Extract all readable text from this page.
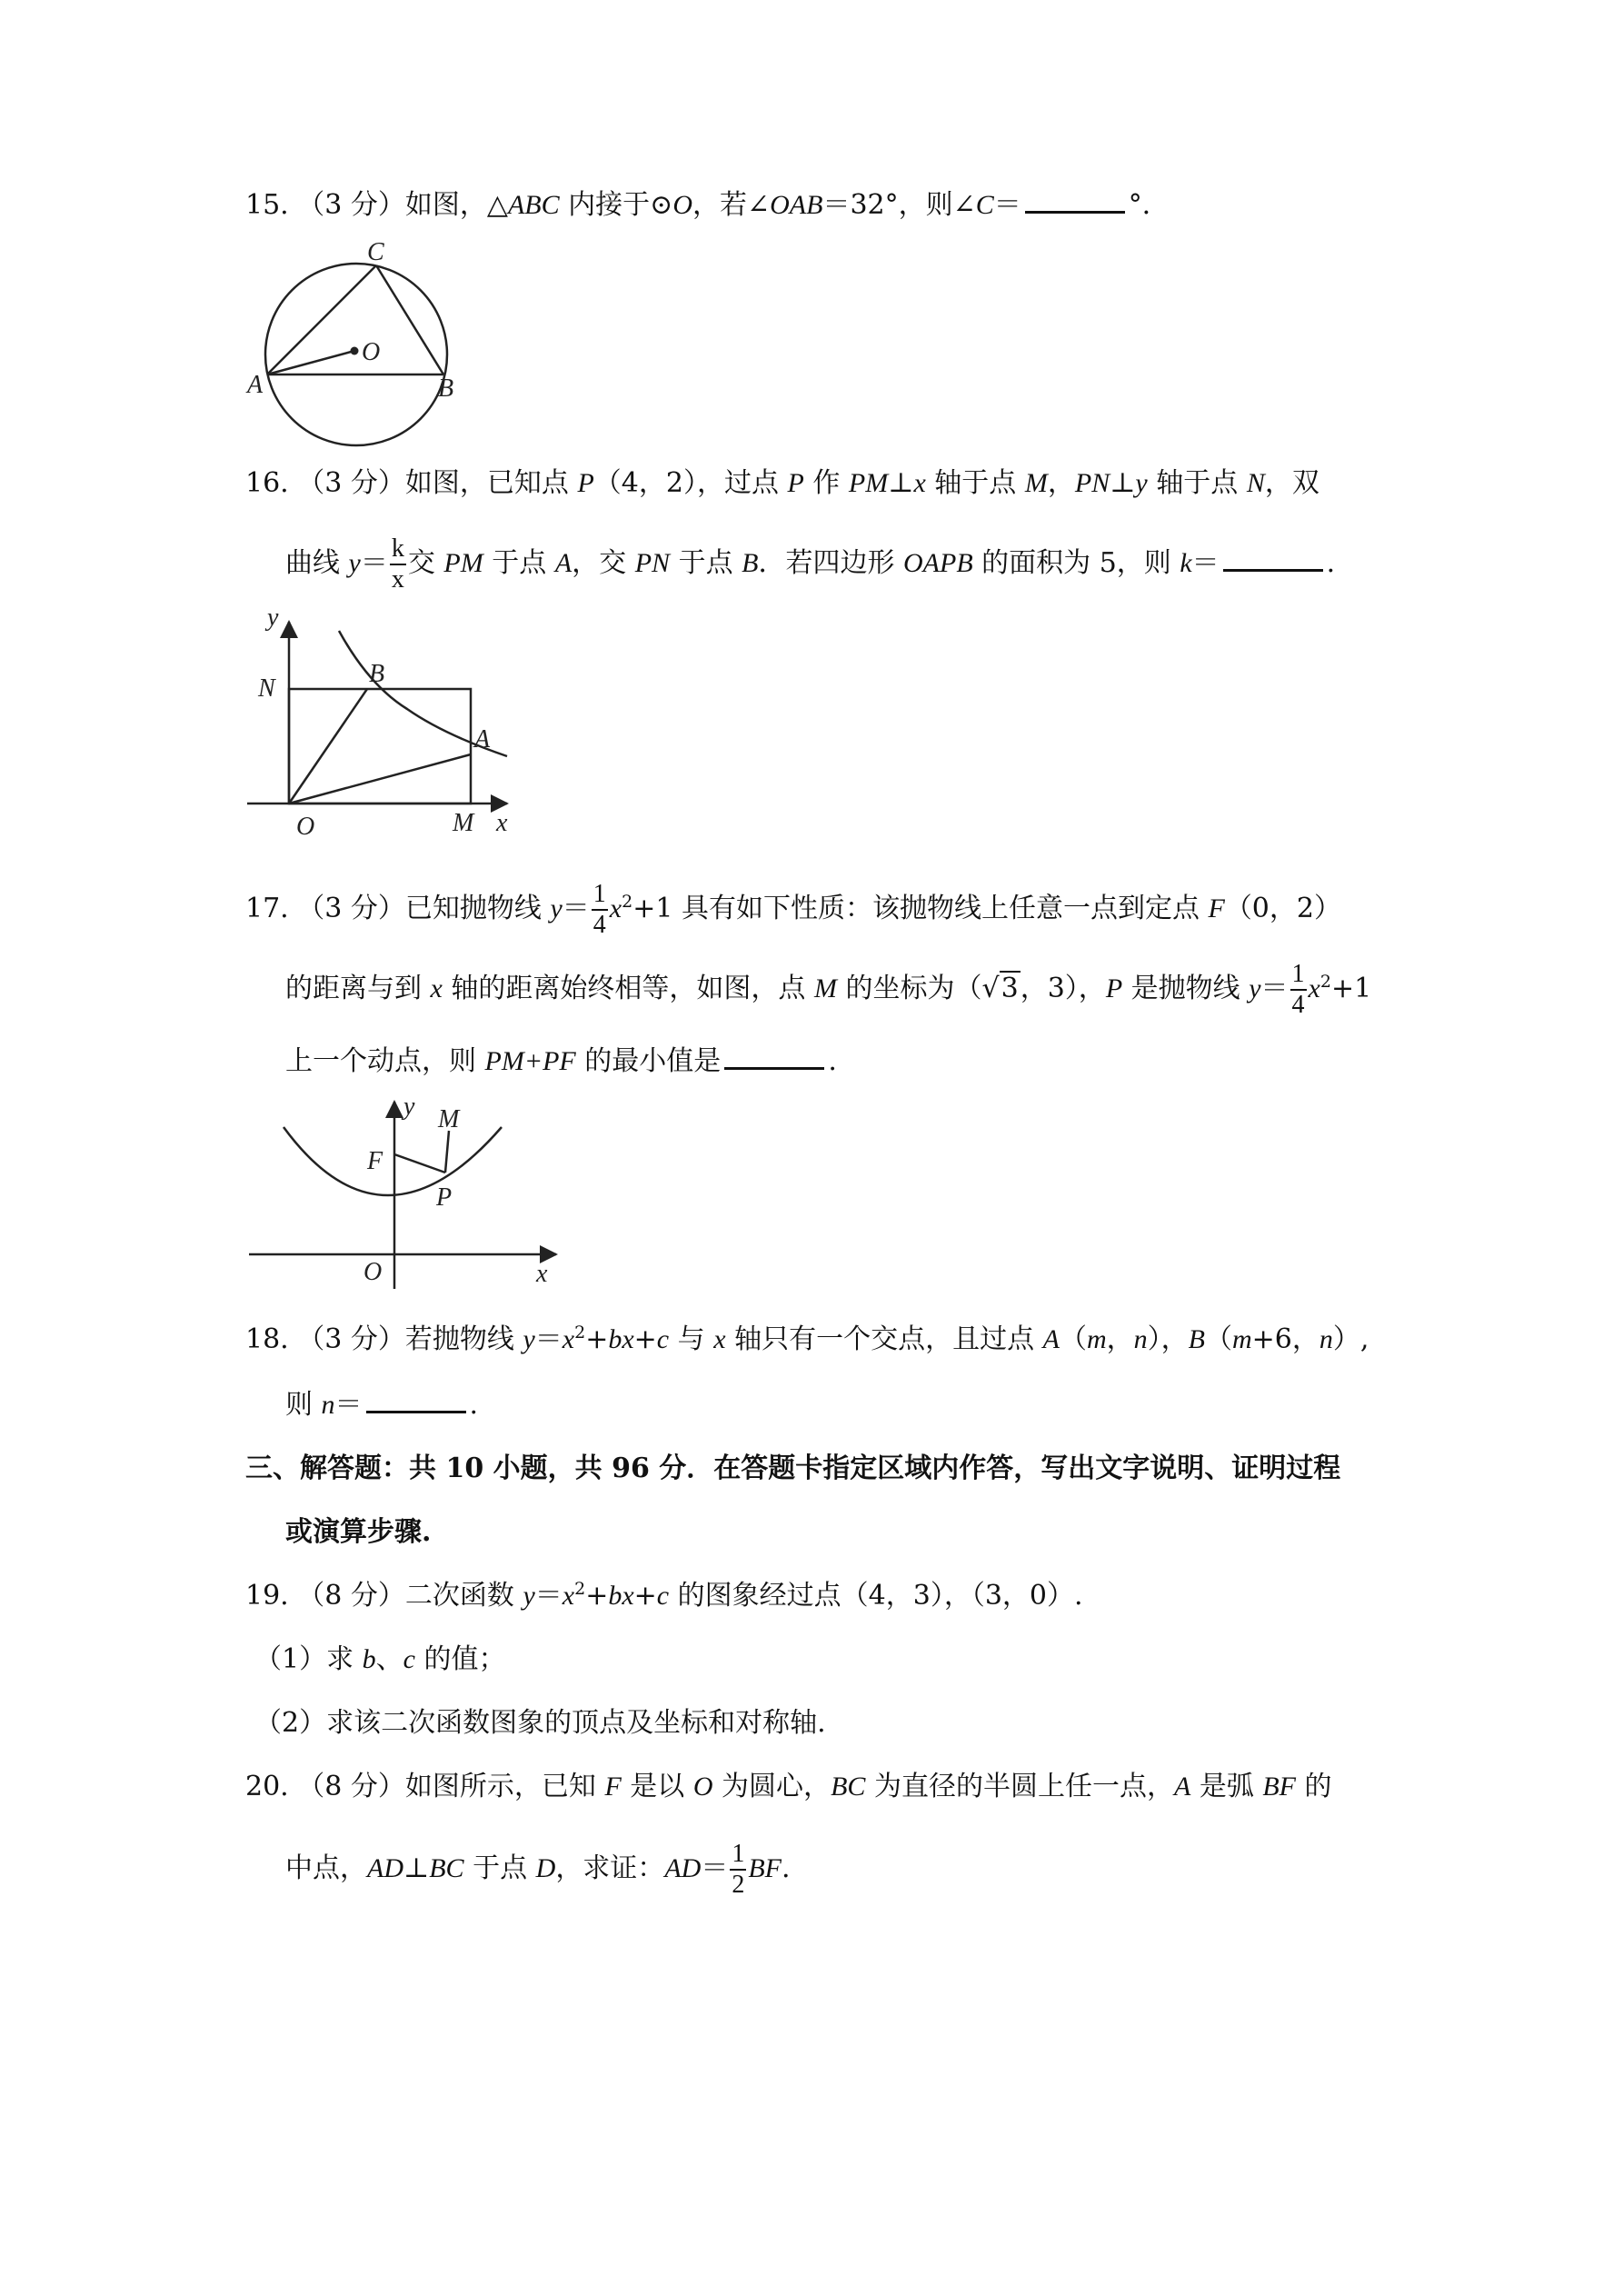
15. （3 分）如图，△ABC 内接于⊙O，若∠OAB＝32°，则∠C＝	°．
C
O
A	B
16. （3 分）如图，已知点 P（4，2），过点 P 作 PM⊥x 轴于点 M，PN⊥y 轴于点 N，双
曲线 $y= \frac{k}{x}$ 交 PM 于点 A，交 PN 于点 B．若四边形 OAPB 的面积为 5，则 k＝	.
y
N
B
A
O	M x
17. （3 分）已知抛物线 $y= \frac{1}{4} x^2+1$ 具有如下性质：该抛物线上任意一点到定点 F（0，2）
的距离与到 x 轴的距离始终相等，如图，点 M 的坐标为（√3，3），P 是抛物线 $y= \frac{1}{4} x^2+1$
上一个动点，则 PM+PF 的最小值是	.
y M
F
P
O	x
18. （3 分）若抛物线 $y=x^2+bx+c$ 与 x 轴只有一个交点，且过点 A（m，n），B（m+6，n）,
则 n＝	.
三、解答题：共 10 小题，共 96 分．在答题卡指定区域内作答，写出文字说明、证明过程
或演算步骤.
19. （8 分）二次函数 $y=x^2+bx+c$ 的图象经过点（4，3），（3，0）.
（1）求 b、c 的值；
（2）求该二次函数图象的顶点及坐标和对称轴.
20. （8 分）如图所示，已知 F 是以 O 为圆心，BC 为直径的半圆上任一点，A 是弧 BF 的
中点，AD⊥BC 于点 D，求证：$AD= \frac{1}{2}$ BF.
